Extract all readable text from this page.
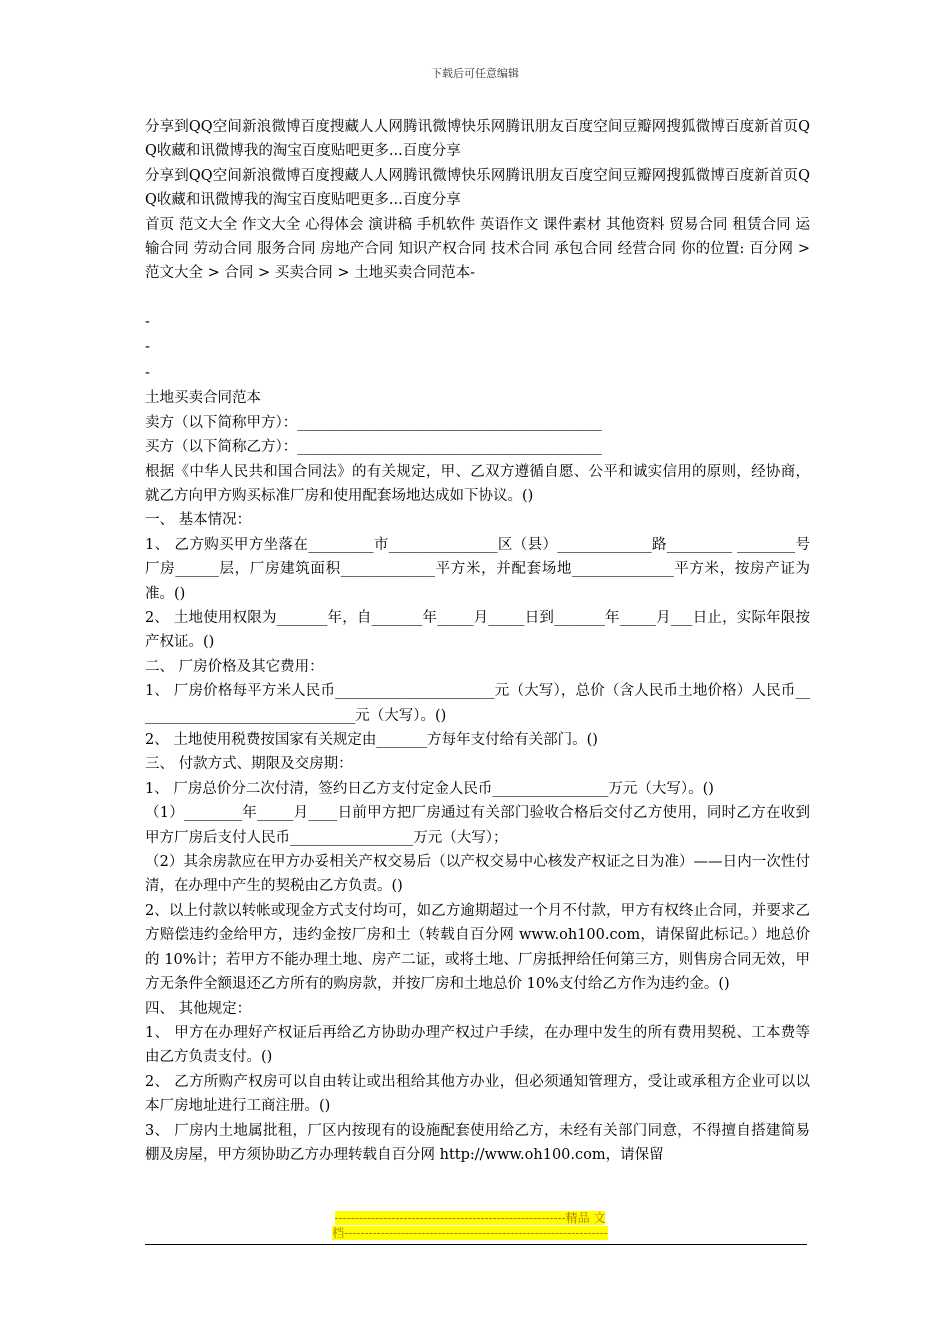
下载后可任意编辑

分享到QQ空间新浪微博百度搜藏人人网腾讯微博快乐网腾讯朋友百度空间豆瓣网搜狐微博百度新首页QQ收藏和讯微博我的淘宝百度贴吧更多...百度分享

分享到QQ空间新浪微博百度搜藏人人网腾讯微博快乐网腾讯朋友百度空间豆瓣网搜狐微博百度新首页QQ收藏和讯微博我的淘宝百度贴吧更多...百度分享

首页 范文大全 作文大全 心得体会 演讲稿 手机软件 英语作文 课件素材 其他资料 贸易合同 租赁合同 运输合同 劳动合同 服务合同 房地产合同 知识产权合同 技术合同 承包合同 经营合同 你的位置: 百分网 > 范文大全 > 合同 > 买卖合同 > 土地买卖合同范本-

-

-

-

土地买卖合同范本

卖方（以下简称甲方）：__________________________________________

买方（以下简称乙方）：__________________________________________

根据《中华人民共和国合同法》的有关规定，甲、乙双方遵循自愿、公平和诚实信用的原则，经协商，就乙方向甲方购买标准厂房和使用配套场地达成如下协议。()

一、 基本情况：

1、 乙方购买甲方坐落在_________市_______________区（县）_____________路_________ ________号厂房______层，厂房建筑面积_____________平方米，并配套场地______________平方米，按房产证为准。()

2、 土地使用权限为_______年，自_______年_____月_____日到_______年_____月___日止，实际年限按产权证。()

二、 厂房价格及其它费用：

1、 厂房价格每平方米人民币______________________元（大写），总价（含人民币土地价格）人民币_______________________________元（大写）。()

2、 土地使用税费按国家有关规定由_______方每年支付给有关部门。()

三、 付款方式、期限及交房期：

1、 厂房总价分二次付清，签约日乙方支付定金人民币________________万元（大写）。()

（1）________年_____月____日前甲方把厂房通过有关部门验收合格后交付乙方使用，同时乙方在收到甲方厂房后支付人民币_________________万元（大写）；

（2）其余房款应在甲方办妥相关产权交易后（以产权交易中心核发产权证之日为准）——日内一次性付清，在办理中产生的契税由乙方负责。()

2、以上付款以转帐或现金方式支付均可，如乙方逾期超过一个月不付款，甲方有权终止合同，并要求乙方赔偿违约金给甲方，违约金按厂房和土（转载自百分网 www.oh100.com，请保留此标记。）地总价的 10%计；若甲方不能办理土地、房产二证，或将土地、厂房抵押给任何第三方，则售房合同无效，甲方无条件全额退还乙方所有的购房款，并按厂房和土地总价 10%支付给乙方作为违约金。()

四、 其他规定：

1、 甲方在办理好产权证后再给乙方协助办理产权过户手续，在办理中发生的所有费用契税、工本费等由乙方负责支付。()

2、 乙方所购产权房可以自由转让或出租给其他方办业，但必须通知管理方，受让或承租方企业可以以本厂房地址进行工商注册。()

3、 厂房内土地属批租，厂区内按现有的设施配套使用给乙方，未经有关部门同意，不得擅自搭建简易棚及房屋，甲方须协助乙方办理转载自百分网 http://www.oh100.com，请保留

---------------------------------------------------------精品 文
档-----------------------------------------------------------------
